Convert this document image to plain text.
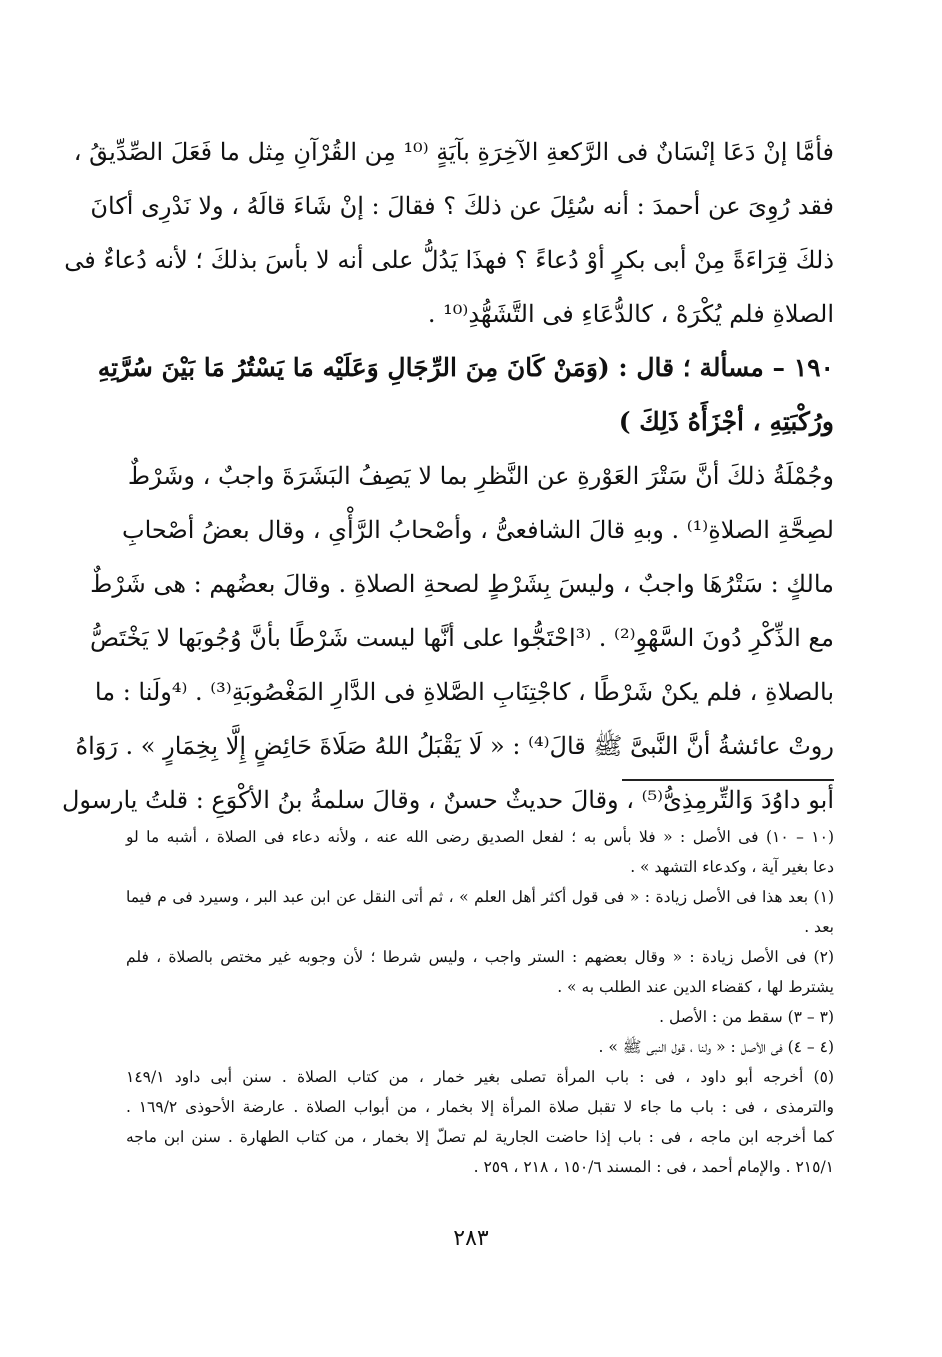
فأمَّا إنْ دَعَا إنْسَانٌ فى الرَّكعةِ الآخِرَةِ بآيَةٍ ⁽¹⁰ مِن القُرْآنِ مِثل ما فَعَلَ الصِّدِّيقُ ،
فقد رُوِىَ عن أحمدَ : أنه سُئِلَ عن ذلكَ ؟ فقالَ : إنْ شَاءَ قالَهُ ، ولا نَدْرِى أكانَ
ذلكَ قِرَاءَةً مِنْ أبى بكرٍ أوْ دُعاءً ؟ فهذَا يَدُلُّ على أنه لا بأسَ بذلكَ ؛ لأنه دُعاءٌ فى
الصلاةِ فلم يُكْرَهْ ، كالدُّعَاءِ فى التَّشَهُّدِ⁽¹⁰ .
١٩٠ – مسألة ؛ قال : (وَمَنْ كَانَ مِنَ الرِّجَالِ وَعَلَيْه مَا يَسْتُرُ مَا بَيْنَ سُرَّتِهِ
ورُكْبَتِهِ ، أجْزَأَهُ ذَلِكَ )
وجُمْلَةُ ذلكَ أنَّ سَتْرَ العَوْرةِ عن النَّظرِ بما لا يَصِفُ البَشَرَةَ واجبٌ ، وشَرْطٌ
لصِحَّةِ الصلاةِ⁽¹⁾ . وبهِ قالَ الشافعىُّ ، وأصْحابُ الرَّأْىِ ، وقال بعضُ أصْحابِ
مالكٍ : سَتْرُهَا واجبٌ ، وليسَ بِشَرْطٍ لصحةِ الصلاةِ . وقالَ بعضُهم : هى شَرْطٌ
مع الذِّكْرِ دُونَ السَّهْوِ⁽²⁾ . ⁽³احْتَجُّوا على أنَّها ليست شَرْطًا بأنَّ وُجُوبَها لا يَخْتَصُّ
بالصلاةِ ، فلم يكنْ شَرْطًا ، كاجْتِنَابِ الصَّلاةِ فى الدَّارِ المَغْصُوبَةِ⁽³⁾ . ⁽⁴ولَنا : ما
روتْ عائشةُ أنَّ النَّبىَّ ﷺ قالَ⁽⁴⁾ : « لَا يَقْبَلُ اللهُ صَلَاةَ حَائِضٍ إِلَّا بِخِمَارٍ » . رَوَاهُ
أبو داوُدَ وَالتِّرمِذِىُّ⁽⁵⁾ ، وقالَ حديثٌ حسنٌ ، وقالَ سلمةُ بنُ الأكْوَعِ : قلتُ يارسول
(١٠ – ١٠) فى الأصل : « فلا بأس به ؛ لفعل الصديق رضى الله عنه ، ولأنه دعاء فى الصلاة ، أشبه ما لو
دعا بغير آية ، وكدعاء التشهد » .
(١) بعد هذا فى الأصل زيادة : « فى قول أكثر أهل العلم » ، ثم أتى النقل عن ابن عبد البر ، وسيرد فى م فيما
بعد .
(٢) فى الأصل زيادة : « وقال بعضهم : الستر واجب ، وليس شرطا ؛ لأن وجوبه غير مختص بالصلاة ، فلم
يشترط لها ، كقضاء الدين عند الطلب به » .
(٣ – ٣) سقط من : الأصل .
(٤ – ٤) فى الأصل : « ولنا ، قول النبى ﷺ » .
(٥) أخرجه أبو داود ، فى : باب المرأة تصلى بغير خمار ، من كتاب الصلاة . سنن أبى داود ١٤٩/١
والترمذى ، فى : باب ما جاء لا تقبل صلاة المرأة إلا بخمار ، من أبواب الصلاة . عارضة الأحوذى ١٦٩/٢ .
كما أخرجه ابن ماجه ، فى : باب إذا حاضت الجارية لم تصلّ إلا بخمار ، من كتاب الطهارة . سنن ابن ماجه
٢١٥/١ . والإمام أحمد ، فى : المسند ١٥٠/٦ ، ٢١٨ ، ٢٥٩ .
٢٨٣
